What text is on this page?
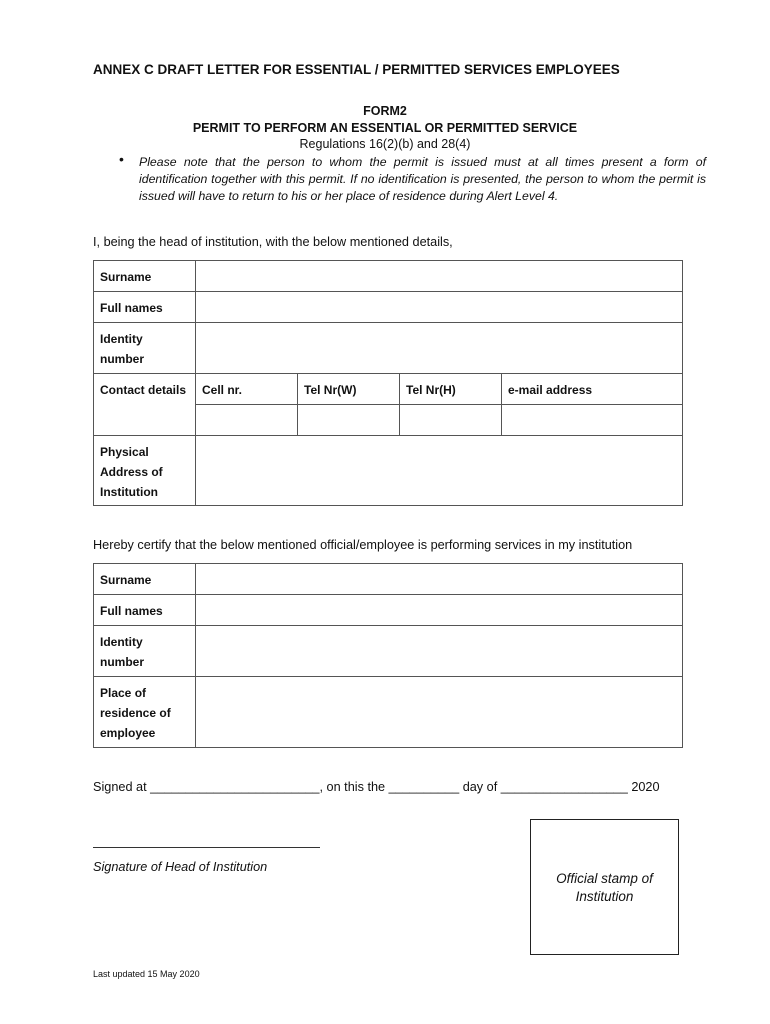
ANNEX C DRAFT LETTER FOR ESSENTIAL / PERMITTED SERVICES EMPLOYEES
FORM2
PERMIT TO PERFORM AN ESSENTIAL OR PERMITTED SERVICE
Regulations 16(2)(b) and 28(4)
• Please note that the person to whom the permit is issued must at all times present a form of identification together with this permit. If no identification is presented, the person to whom the permit is issued will have to return to his or her place of residence during Alert Level 4.
I, being the head of institution, with the below mentioned details,
Surname				
Full names				
Identity number				
Contact details	Cell nr.	Tel Nr(W)	Tel Nr(H)	e-mail address

Physical Address of Institution				
Hereby certify that the below mentioned official/employee is performing services in my institution
Surname	
Full names	
Identity number	
Place of residence of employee	
Signed at ________________________, on this the __________ day of __________________ 2020
Signature of Head of Institution
Official stamp of Institution
Last updated 15 May 2020
